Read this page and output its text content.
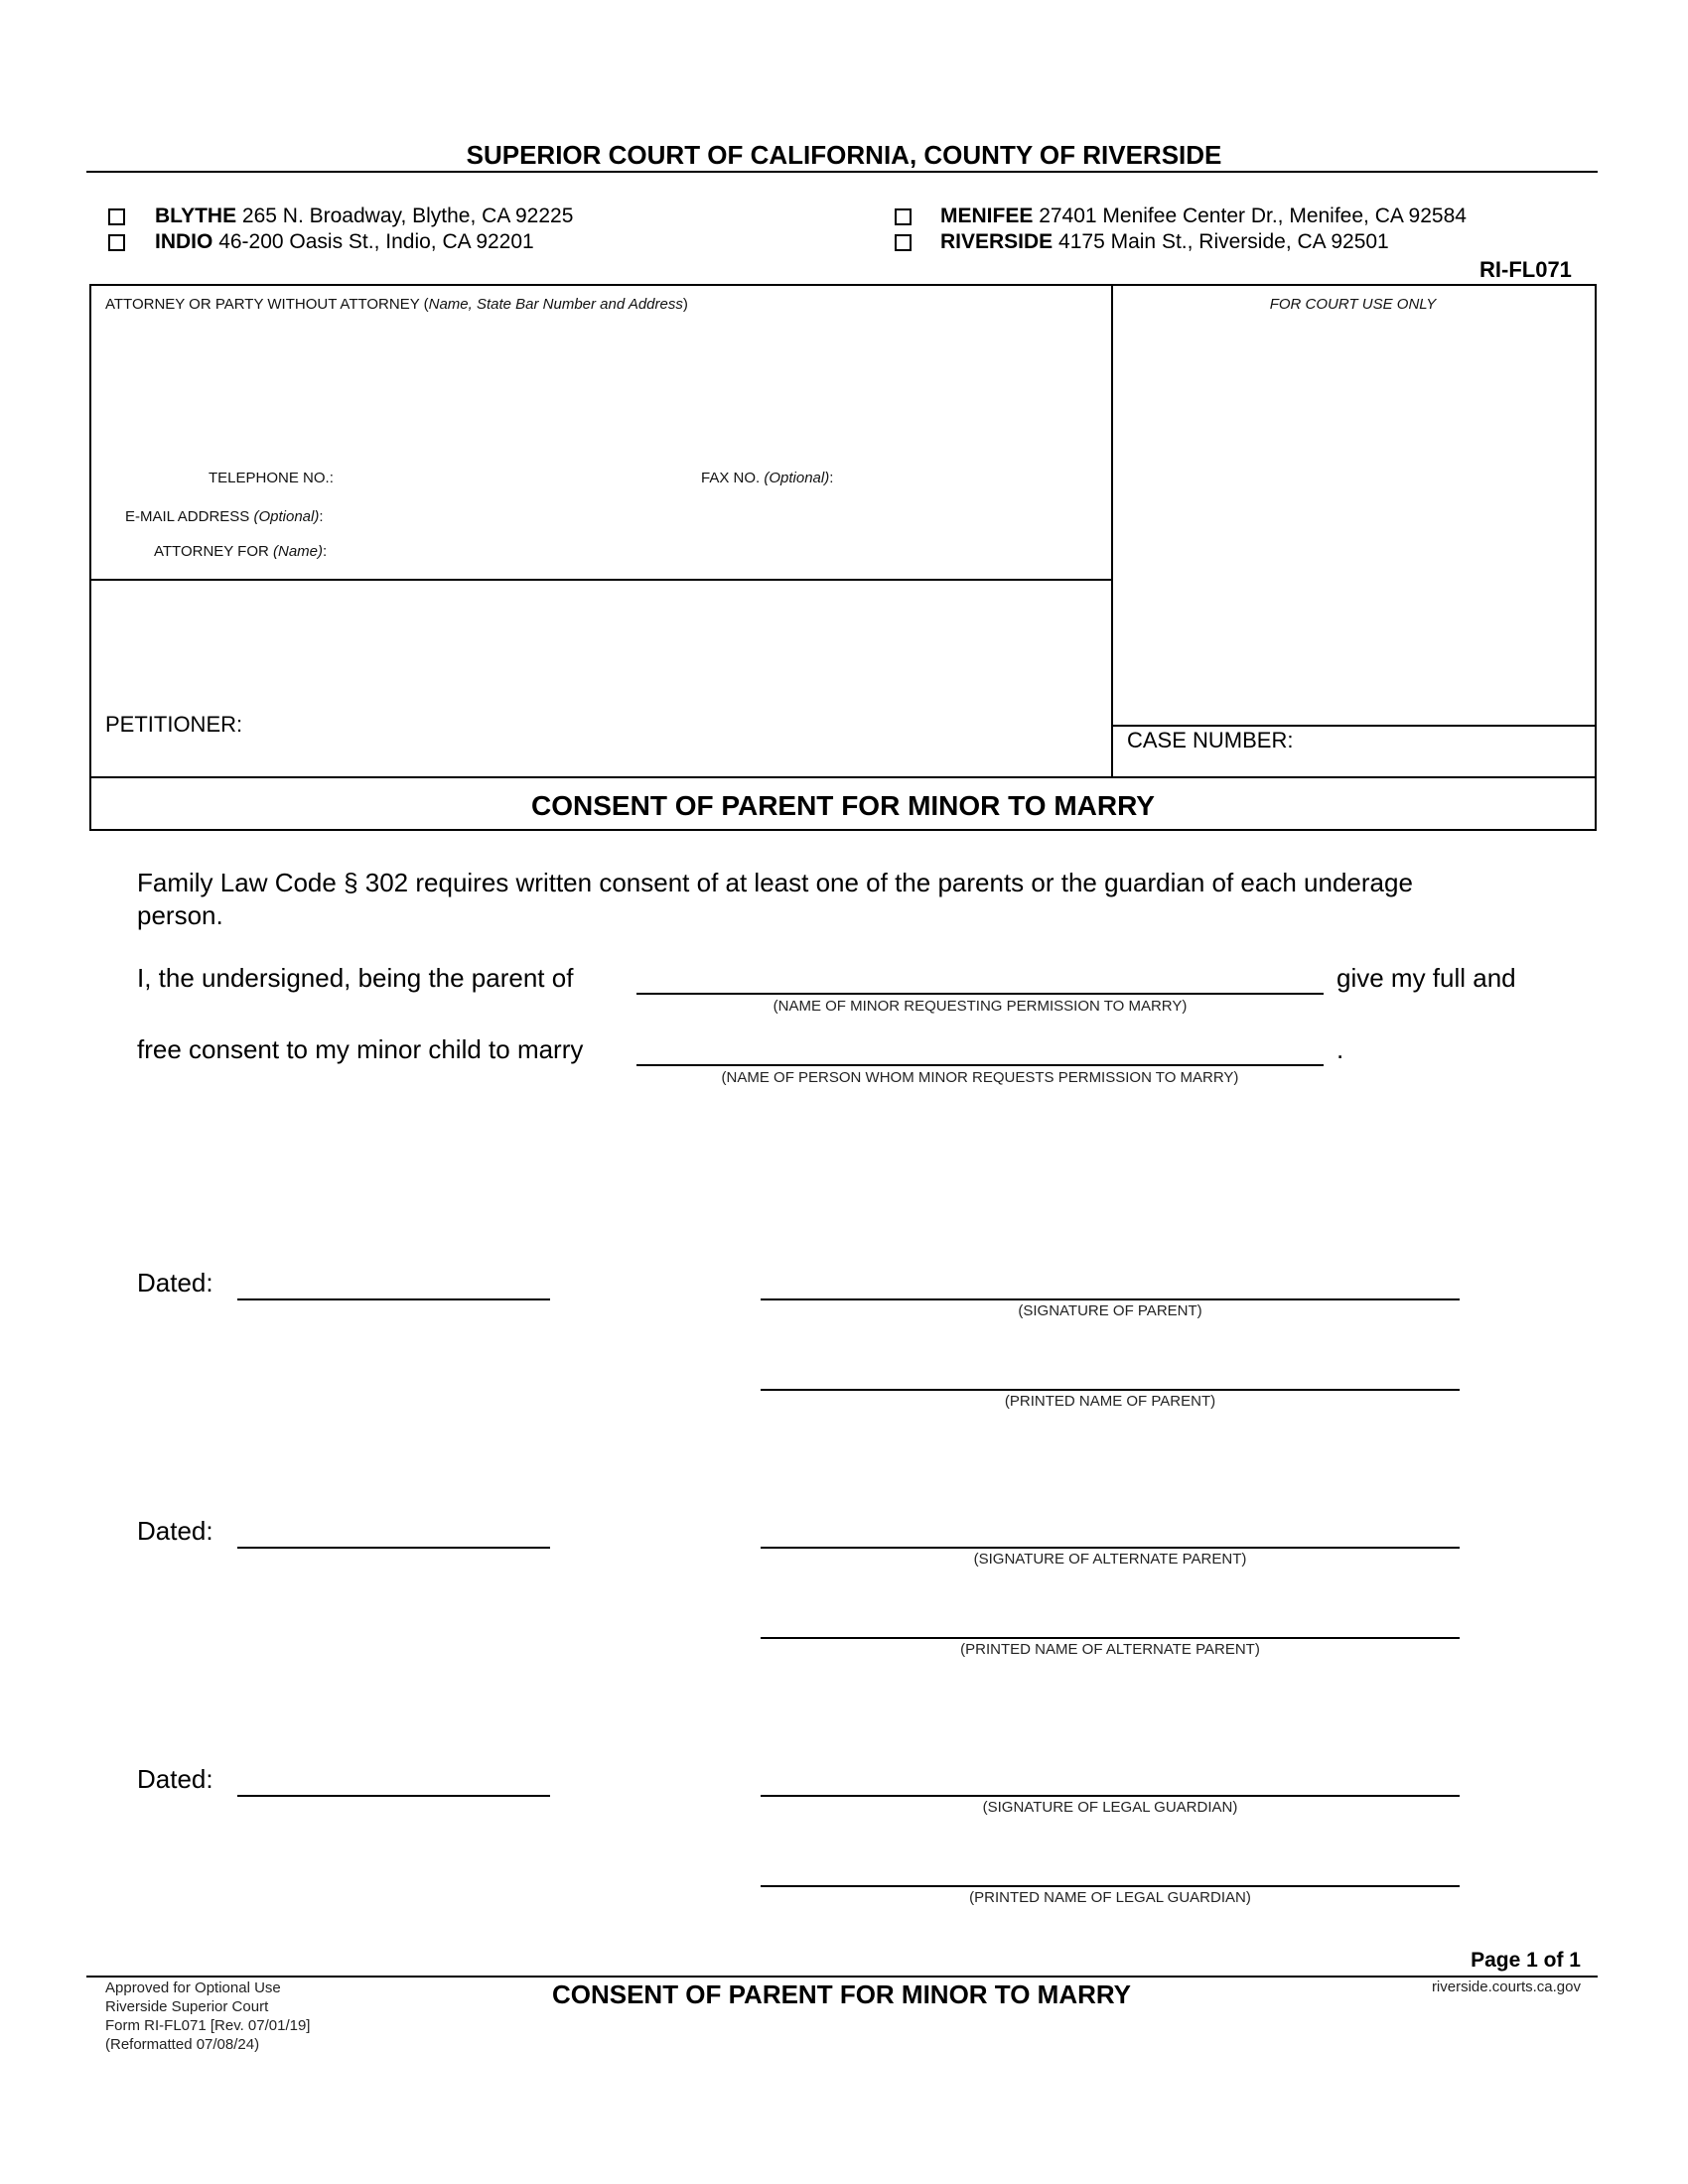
SUPERIOR COURT OF CALIFORNIA, COUNTY OF RIVERSIDE
BLYTHE 265 N. Broadway, Blythe, CA 92225
INDIO 46-200 Oasis St., Indio, CA 92201
MENIFEE 27401 Menifee Center Dr., Menifee, CA 92584
RIVERSIDE 4175 Main St., Riverside, CA 92501
RI-FL071
ATTORNEY OR PARTY WITHOUT ATTORNEY (Name, State Bar Number and Address)
TELEPHONE NO.:	FAX NO. (Optional):
E-MAIL ADDRESS (Optional):
ATTORNEY FOR (Name):
FOR COURT USE ONLY
PETITIONER:
CASE NUMBER:
CONSENT OF PARENT FOR MINOR TO MARRY
Family Law Code § 302 requires written consent of at least one of the parents or the guardian of each underage
person.
I, the undersigned, being the parent of	give my full and
(NAME OF MINOR REQUESTING PERMISSION TO MARRY)
free consent to my minor child to marry	.
(NAME OF PERSON WHOM MINOR REQUESTS PERMISSION TO MARRY)
Dated:
(SIGNATURE OF PARENT)
(PRINTED NAME OF PARENT)
Dated:
(SIGNATURE OF ALTERNATE PARENT)
(PRINTED NAME OF ALTERNATE PARENT)
Dated:
(SIGNATURE OF LEGAL GUARDIAN)
(PRINTED NAME OF LEGAL GUARDIAN)
Page 1 of 1
riverside.courts.ca.gov
CONSENT OF PARENT FOR MINOR TO MARRY
Approved for Optional Use
Riverside Superior Court
Form RI-FL071 [Rev. 07/01/19]
(Reformatted 07/08/24)
